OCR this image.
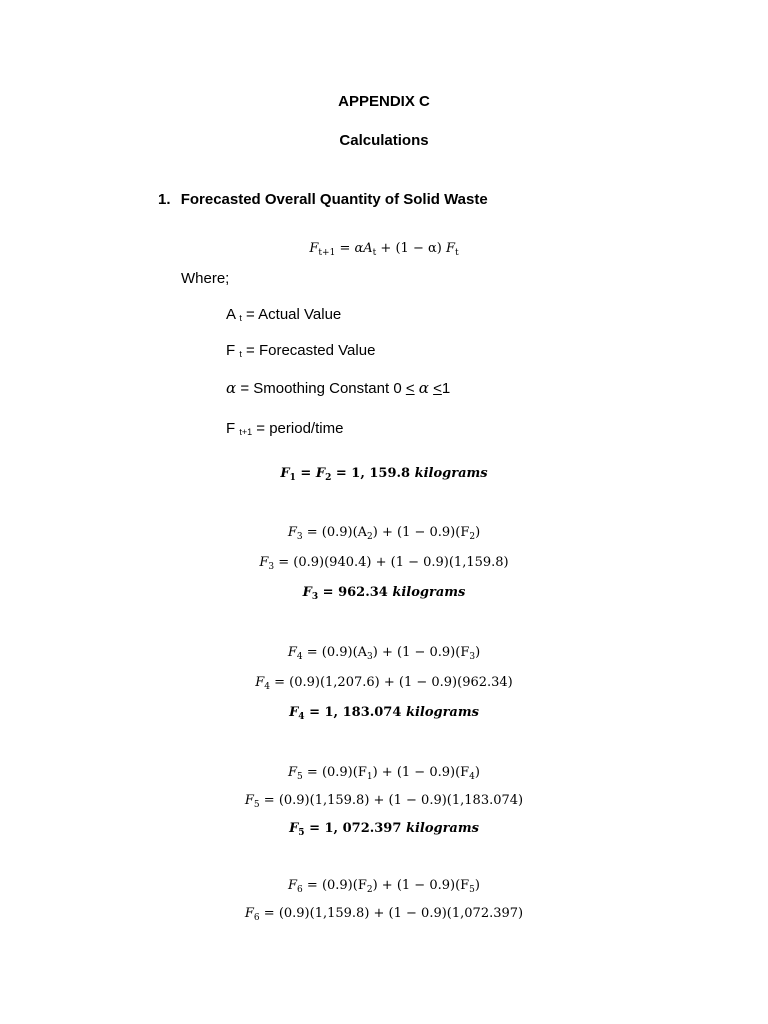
APPENDIX C
Calculations
1. Forecasted Overall Quantity of Solid Waste
$F_{t+1} = \alpha A_t + (1 - \alpha)$ $F_t$
Where;
A t = Actual Value
F t = Forecasted Value
α = Smoothing Constant 0 < α <1
F t+1 = period/time
$F_1 = F_2 = 1$, 159.8 kilograms
$F_3 = (0.9)(A_2) + (1 - 0.9)(F_2)$
$F_3 = (0.9)(940.4) + (1 - 0.9)(1,159.8)$
$F_3 = 962.34$ kilograms
$F_4 = (0.9)(A_3) + (1 - 0.9)(F_3)$
$F_4 = (0.9)(1,207.6) + (1 - 0.9)(962.34)$
$F_4 = 1$, 183.074 kilograms
$F_5 = (0.9)(F_1) + (1 - 0.9)(F_4)$
$F_5 = (0.9)(1,159.8) + (1 - 0.9)(1,183.074)$
$F_5 = 1$, 072.397 kilograms
$F_6 = (0.9)(F_2) + (1 - 0.9)(F_5)$
$F_6 = (0.9)(1,159.8) + (1 - 0.9)(1,072.397)$
